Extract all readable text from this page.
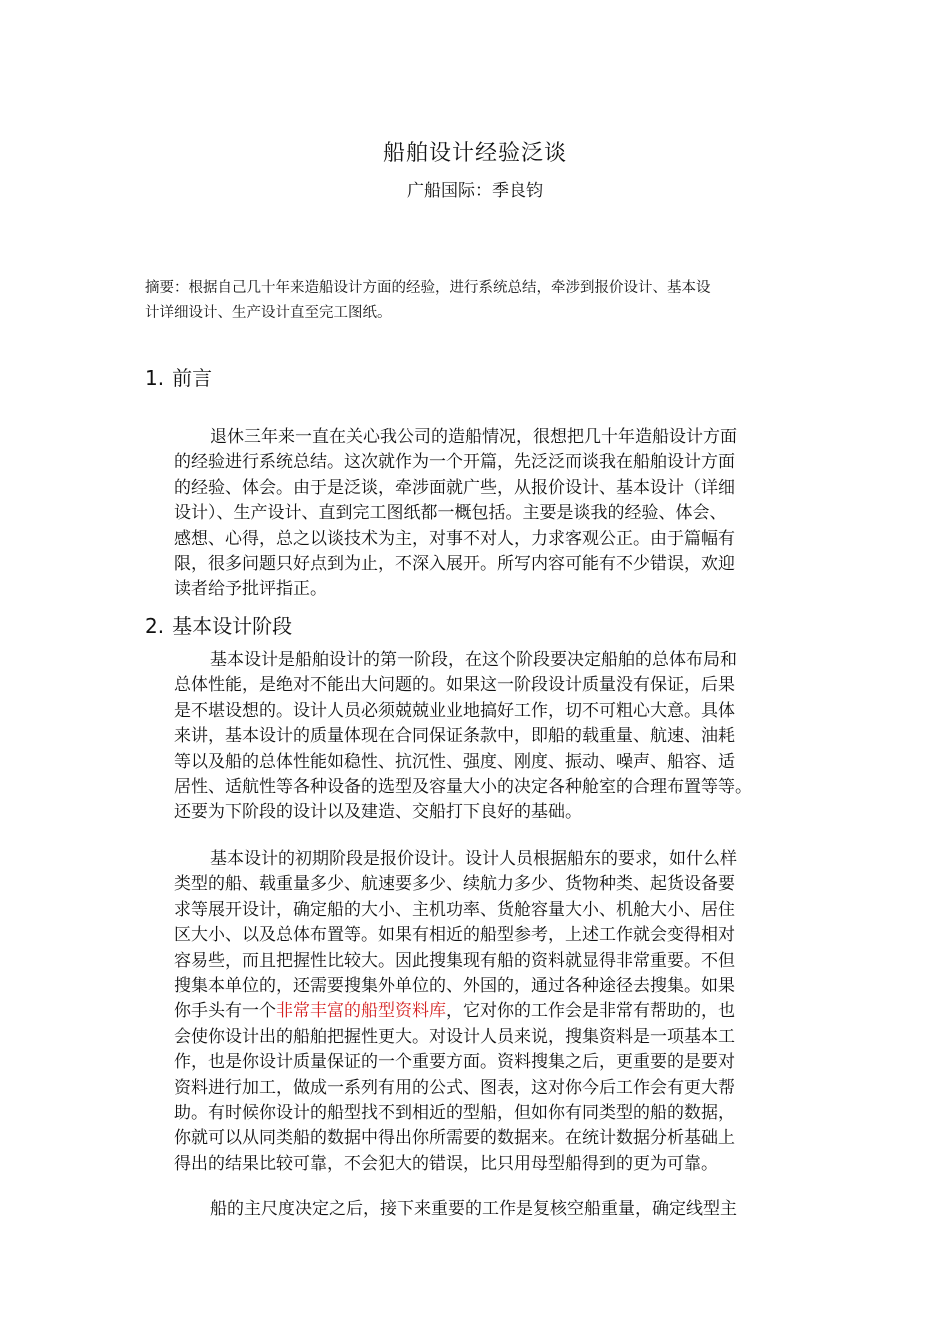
船舶设计经验泛谈
广船国际：季良钧
摘要：根据自己几十年来造船设计方面的经验，进行系统总结，牵涉到报价设计、基本设
计详细设计、生产设计直至完工图纸。
1. 前言
退休三年来一直在关心我公司的造船情况，很想把几十年造船设计方面
的经验进行系统总结。这次就作为一个开篇，先泛泛而谈我在船舶设计方面
的经验、体会。由于是泛谈，牵涉面就广些，从报价设计、基本设计（详细
设计）、生产设计、直到完工图纸都一概包括。主要是谈我的经验、体会、
感想、心得，总之以谈技术为主，对事不对人，力求客观公正。由于篇幅有
限，很多问题只好点到为止，不深入展开。所写内容可能有不少错误，欢迎
读者给予批评指正。
2. 基本设计阶段
基本设计是船舶设计的第一阶段，在这个阶段要决定船舶的总体布局和
总体性能，是绝对不能出大问题的。如果这一阶段设计质量没有保证，后果
是不堪设想的。设计人员必须兢兢业业地搞好工作，切不可粗心大意。具体
来讲，基本设计的质量体现在合同保证条款中，即船的载重量、航速、油耗
等以及船的总体性能如稳性、抗沉性、强度、刚度、振动、噪声、船容、适
居性、适航性等各种设备的选型及容量大小的决定各种舱室的合理布置等等。
还要为下阶段的设计以及建造、交船打下良好的基础。
基本设计的初期阶段是报价设计。设计人员根据船东的要求，如什么样
类型的船、载重量多少、航速要多少、续航力多少、货物种类、起货设备要
求等展开设计，确定船的大小、主机功率、货舱容量大小、机舱大小、居住
区大小、以及总体布置等。如果有相近的船型参考，上述工作就会变得相对
容易些，而且把握性比较大。因此搜集现有船的资料就显得非常重要。不但
搜集本单位的，还需要搜集外单位的、外国的，通过各种途径去搜集。如果
你手头有一个非常丰富的船型资料库，它对你的工作会是非常有帮助的，也
会使你设计出的船舶把握性更大。对设计人员来说，搜集资料是一项基本工
作，也是你设计质量保证的一个重要方面。资料搜集之后，更重要的是要对
资料进行加工，做成一系列有用的公式、图表，这对你今后工作会有更大帮
助。有时候你设计的船型找不到相近的型船，但如你有同类型的船的数据，
你就可以从同类船的数据中得出你所需要的数据来。在统计数据分析基础上
得出的结果比较可靠，不会犯大的错误，比只用母型船得到的更为可靠。
船的主尺度决定之后，接下来重要的工作是复核空船重量，确定线型主
